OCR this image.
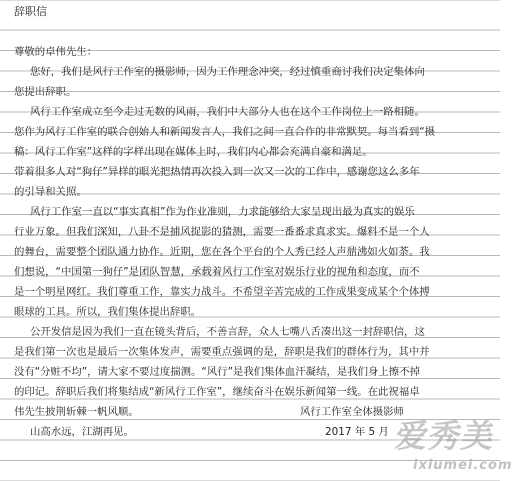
辞职信
尊敬的卓伟先生：
您好，我们是风行工作室的摄影师，因为工作理念冲突，经过慎重商讨我们决定集体向
您提出辞职。
风行工作室成立至今走过无数的风雨，我们中大部分人也在这个工作岗位上一路相随。
您作为风行工作室的联合创始人和新闻发言人，我们之间一直合作的非常默契。每当看到“摄
稿：风行工作室”这样的字样出现在媒体上时，我们内心都会充满自豪和满足。
带着很多人对“狗仔”异样的眼光把热情再次投入到一次又一次的工作中，感谢您这么多年
的引导和关照。
风行工作室一直以“事实真相”作为作业准则，力求能够给大家呈现出最为真实的娱乐
行业万象。但我们深知，八卦不是捕风捉影的猜测，需要一番番求真求实。爆料不是一个人
的舞台，需要整个团队通力协作。近期，您在各个平台的个人秀已经人声鼎沸如火如荼。我
们想说，“中国第一狗仔”是团队智慧，承载着风行工作室对娱乐行业的视角和态度，而不
是一个明星网红。我们尊重工作，靠实力战斗。不希望辛苦完成的工作成果变成某个个体搏
眼球的工具。所以，我们集体提出辞职。
公开发信是因为我们一直在镜头背后，不善言辞，众人七嘴八舌凑出这一封辞职信，这
是我们第一次也是最后一次集体发声，需要重点强调的是，辞职是我们的群体行为，其中并
没有“分赃不均”，请大家不要过度揣测。“风行”是我们集体血汗凝结，是我们身上擦不掉
的印记。辞职后我们将集结成“新风行工作室”，继续奋斗在娱乐新闻第一线。在此祝福卓
伟先生披荆斩棘一帆风顺。
山高水远，江湖再见。
风行工作室全体摄影师
2017 年 5 月 爱秀美
ixiumei.com
